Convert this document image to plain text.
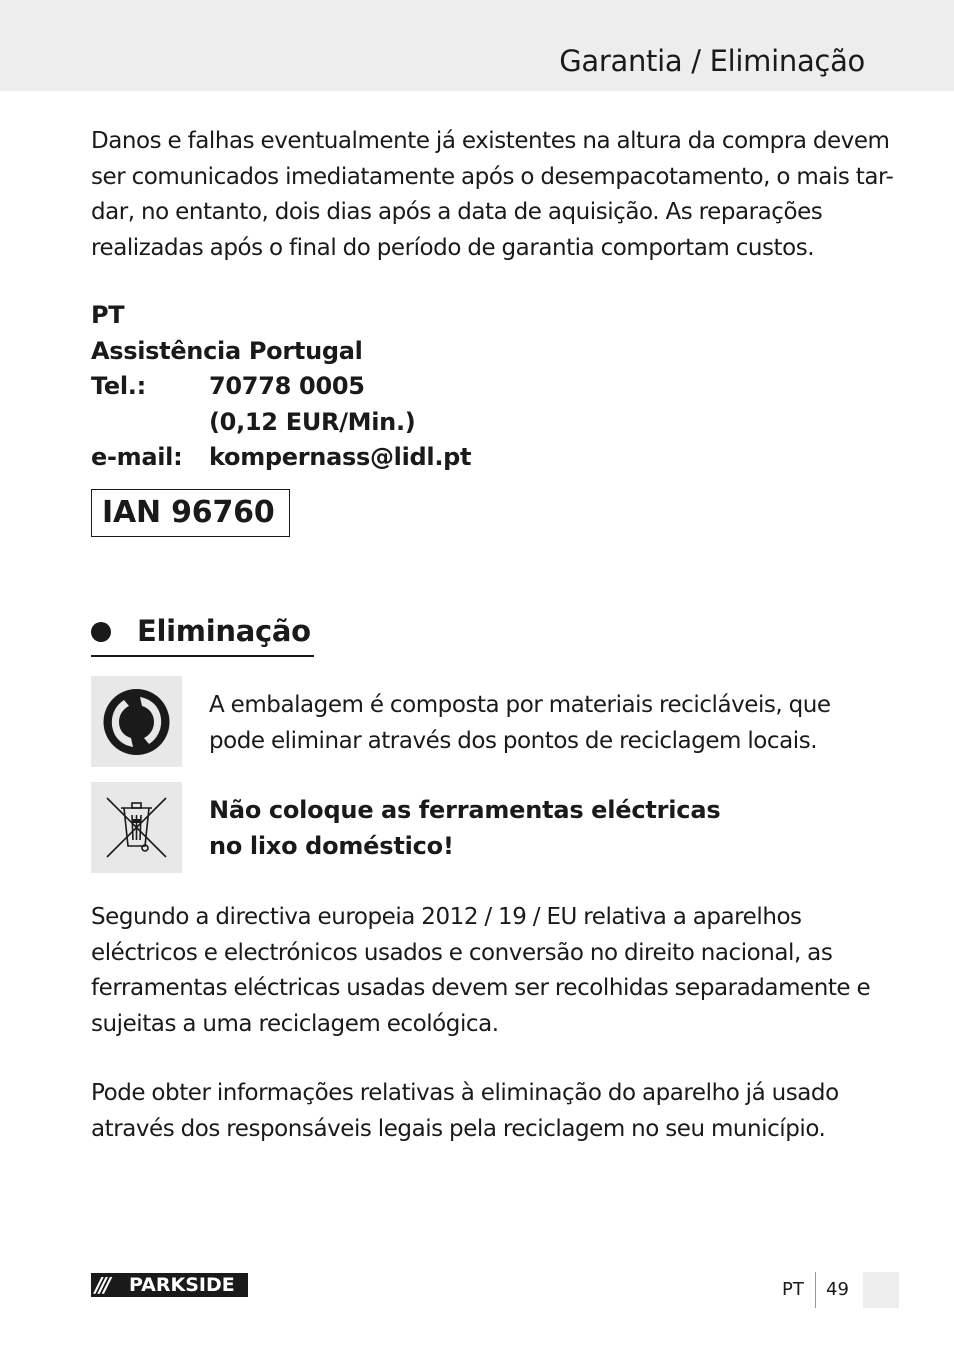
Garantia / Eliminação
Danos e falhas eventualmente já existentes na altura da compra devem
ser comunicados imediatamente após o desempacotamento, o mais tar-
dar, no entanto, dois dias após a data de aquisição. As reparações
realizadas após o final do período de garantia comportam custos.
PT
Assistência Portugal
Tel.:	70778 0005
(0,12 EUR/Min.)
e-mail: kompernass@lidl.pt
IAN 96760
Eliminação
A embalagem é composta por materiais recicláveis, que
pode eliminar através dos pontos de reciclagem locais.
Não coloque as ferramentas eléctricas
no lixo doméstico!
Segundo a directiva europeia 2012 / 19 / EU relativa a aparelhos
eléctricos e electrónicos usados e conversão no direito nacional, as
ferramentas eléctricas usadas devem ser recolhidas separadamente e
sujeitas a uma reciclagem ecológica.
Pode obter informações relativas à eliminação do aparelho já usado
através dos responsáveis legais pela reciclagem no seu município.
/// PARKSIDE	PT 49
